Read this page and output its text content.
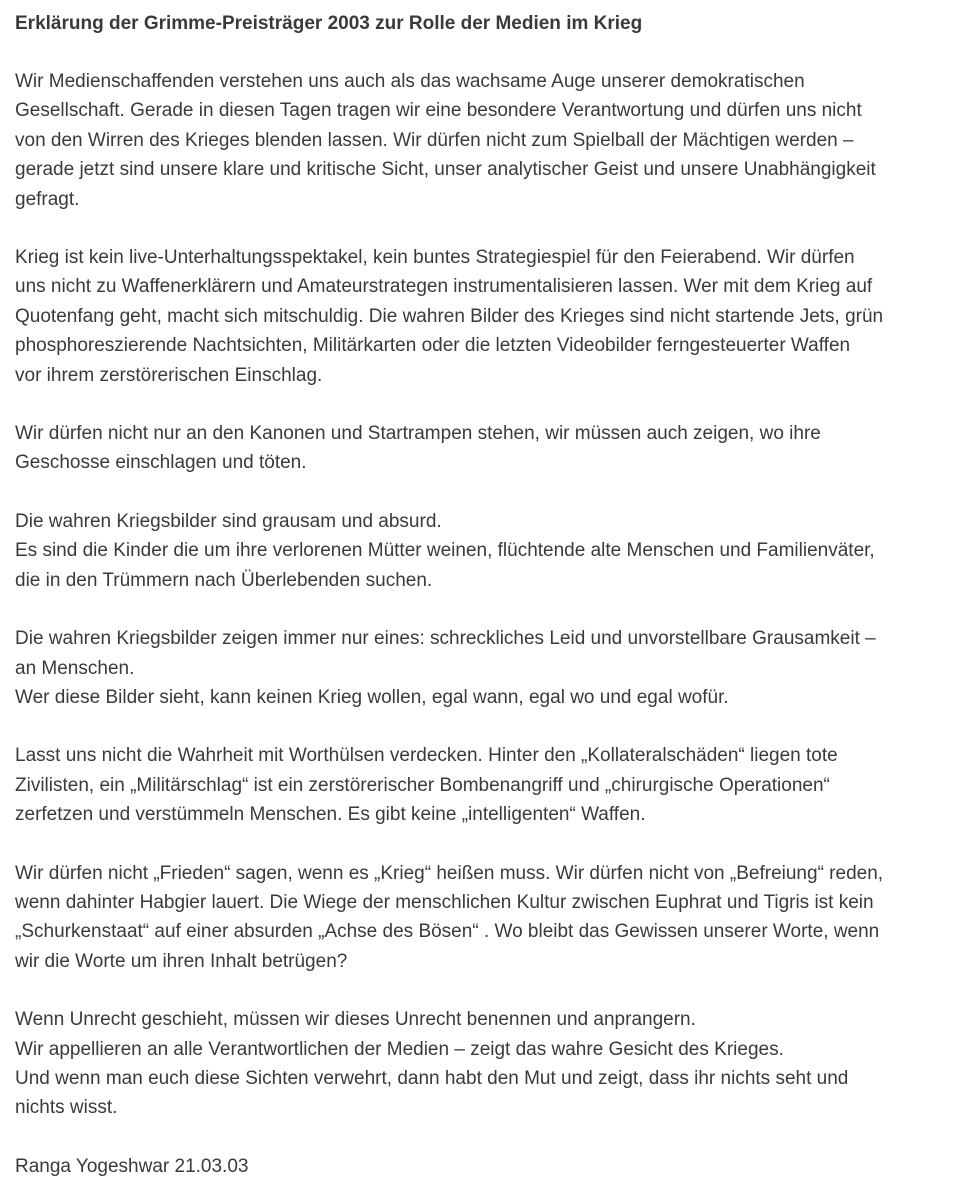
Erklärung der Grimme-Preisträger 2003 zur Rolle der Medien im Krieg

Wir Medienschaffenden verstehen uns auch als das wachsame Auge unserer demokratischen
Gesellschaft. Gerade in diesen Tagen tragen wir eine besondere Verantwortung und dürfen uns nicht
von den Wirren des Krieges blenden lassen. Wir dürfen nicht zum Spielball der Mächtigen werden –
gerade jetzt sind unsere klare und kritische Sicht, unser analytischer Geist und unsere Unabhängigkeit
gefragt.

Krieg ist kein live-Unterhaltungsspektakel, kein buntes Strategiespiel für den Feierabend. Wir dürfen
uns nicht zu Waffenerklärern und Amateurstrategen instrumentalisieren lassen. Wer mit dem Krieg auf
Quotenfang geht, macht sich mitschuldig. Die wahren Bilder des Krieges sind nicht startende Jets, grün
phosphoreszierende Nachtsichten, Militärkarten oder die letzten Videobilder ferngesteuerter Waffen
vor ihrem zerstörerischen Einschlag.

Wir dürfen nicht nur an den Kanonen und Startrampen stehen, wir müssen auch zeigen, wo ihre
Geschosse einschlagen und töten.

Die wahren Kriegsbilder sind grausam und absurd.
Es sind die Kinder die um ihre verlorenen Mütter weinen, flüchtende alte Menschen und Familienväter,
die in den Trümmern nach Überlebenden suchen.

Die wahren Kriegsbilder zeigen immer nur eines: schreckliches Leid und unvorstellbare Grausamkeit –
an Menschen.
Wer diese Bilder sieht, kann keinen Krieg wollen, egal wann, egal wo und egal wofür.

Lasst uns nicht die Wahrheit mit Worthülsen verdecken. Hinter den „Kollateralschäden“ liegen tote
Zivilisten, ein „Militärschlag“ ist ein zerstörerischer Bombenangriff und „chirurgische Operationen“
zerfetzen und verstümmeln Menschen. Es gibt keine „intelligenten“ Waffen.

Wir dürfen nicht „Frieden“ sagen, wenn es „Krieg“ heißen muss. Wir dürfen nicht von „Befreiung“ reden,
wenn dahinter Habgier lauert. Die Wiege der menschlichen Kultur zwischen Euphrat und Tigris ist kein
„Schurkenstaat“ auf einer absurden „Achse des Bösen“ . Wo bleibt das Gewissen unserer Worte, wenn
wir die Worte um ihren Inhalt betrügen?

Wenn Unrecht geschieht, müssen wir dieses Unrecht benennen und anprangern.
Wir appellieren an alle Verantwortlichen der Medien – zeigt das wahre Gesicht des Krieges.
Und wenn man euch diese Sichten verwehrt, dann habt den Mut und zeigt, dass ihr nichts seht und
nichts wisst.

Ranga Yogeshwar 21.03.03
